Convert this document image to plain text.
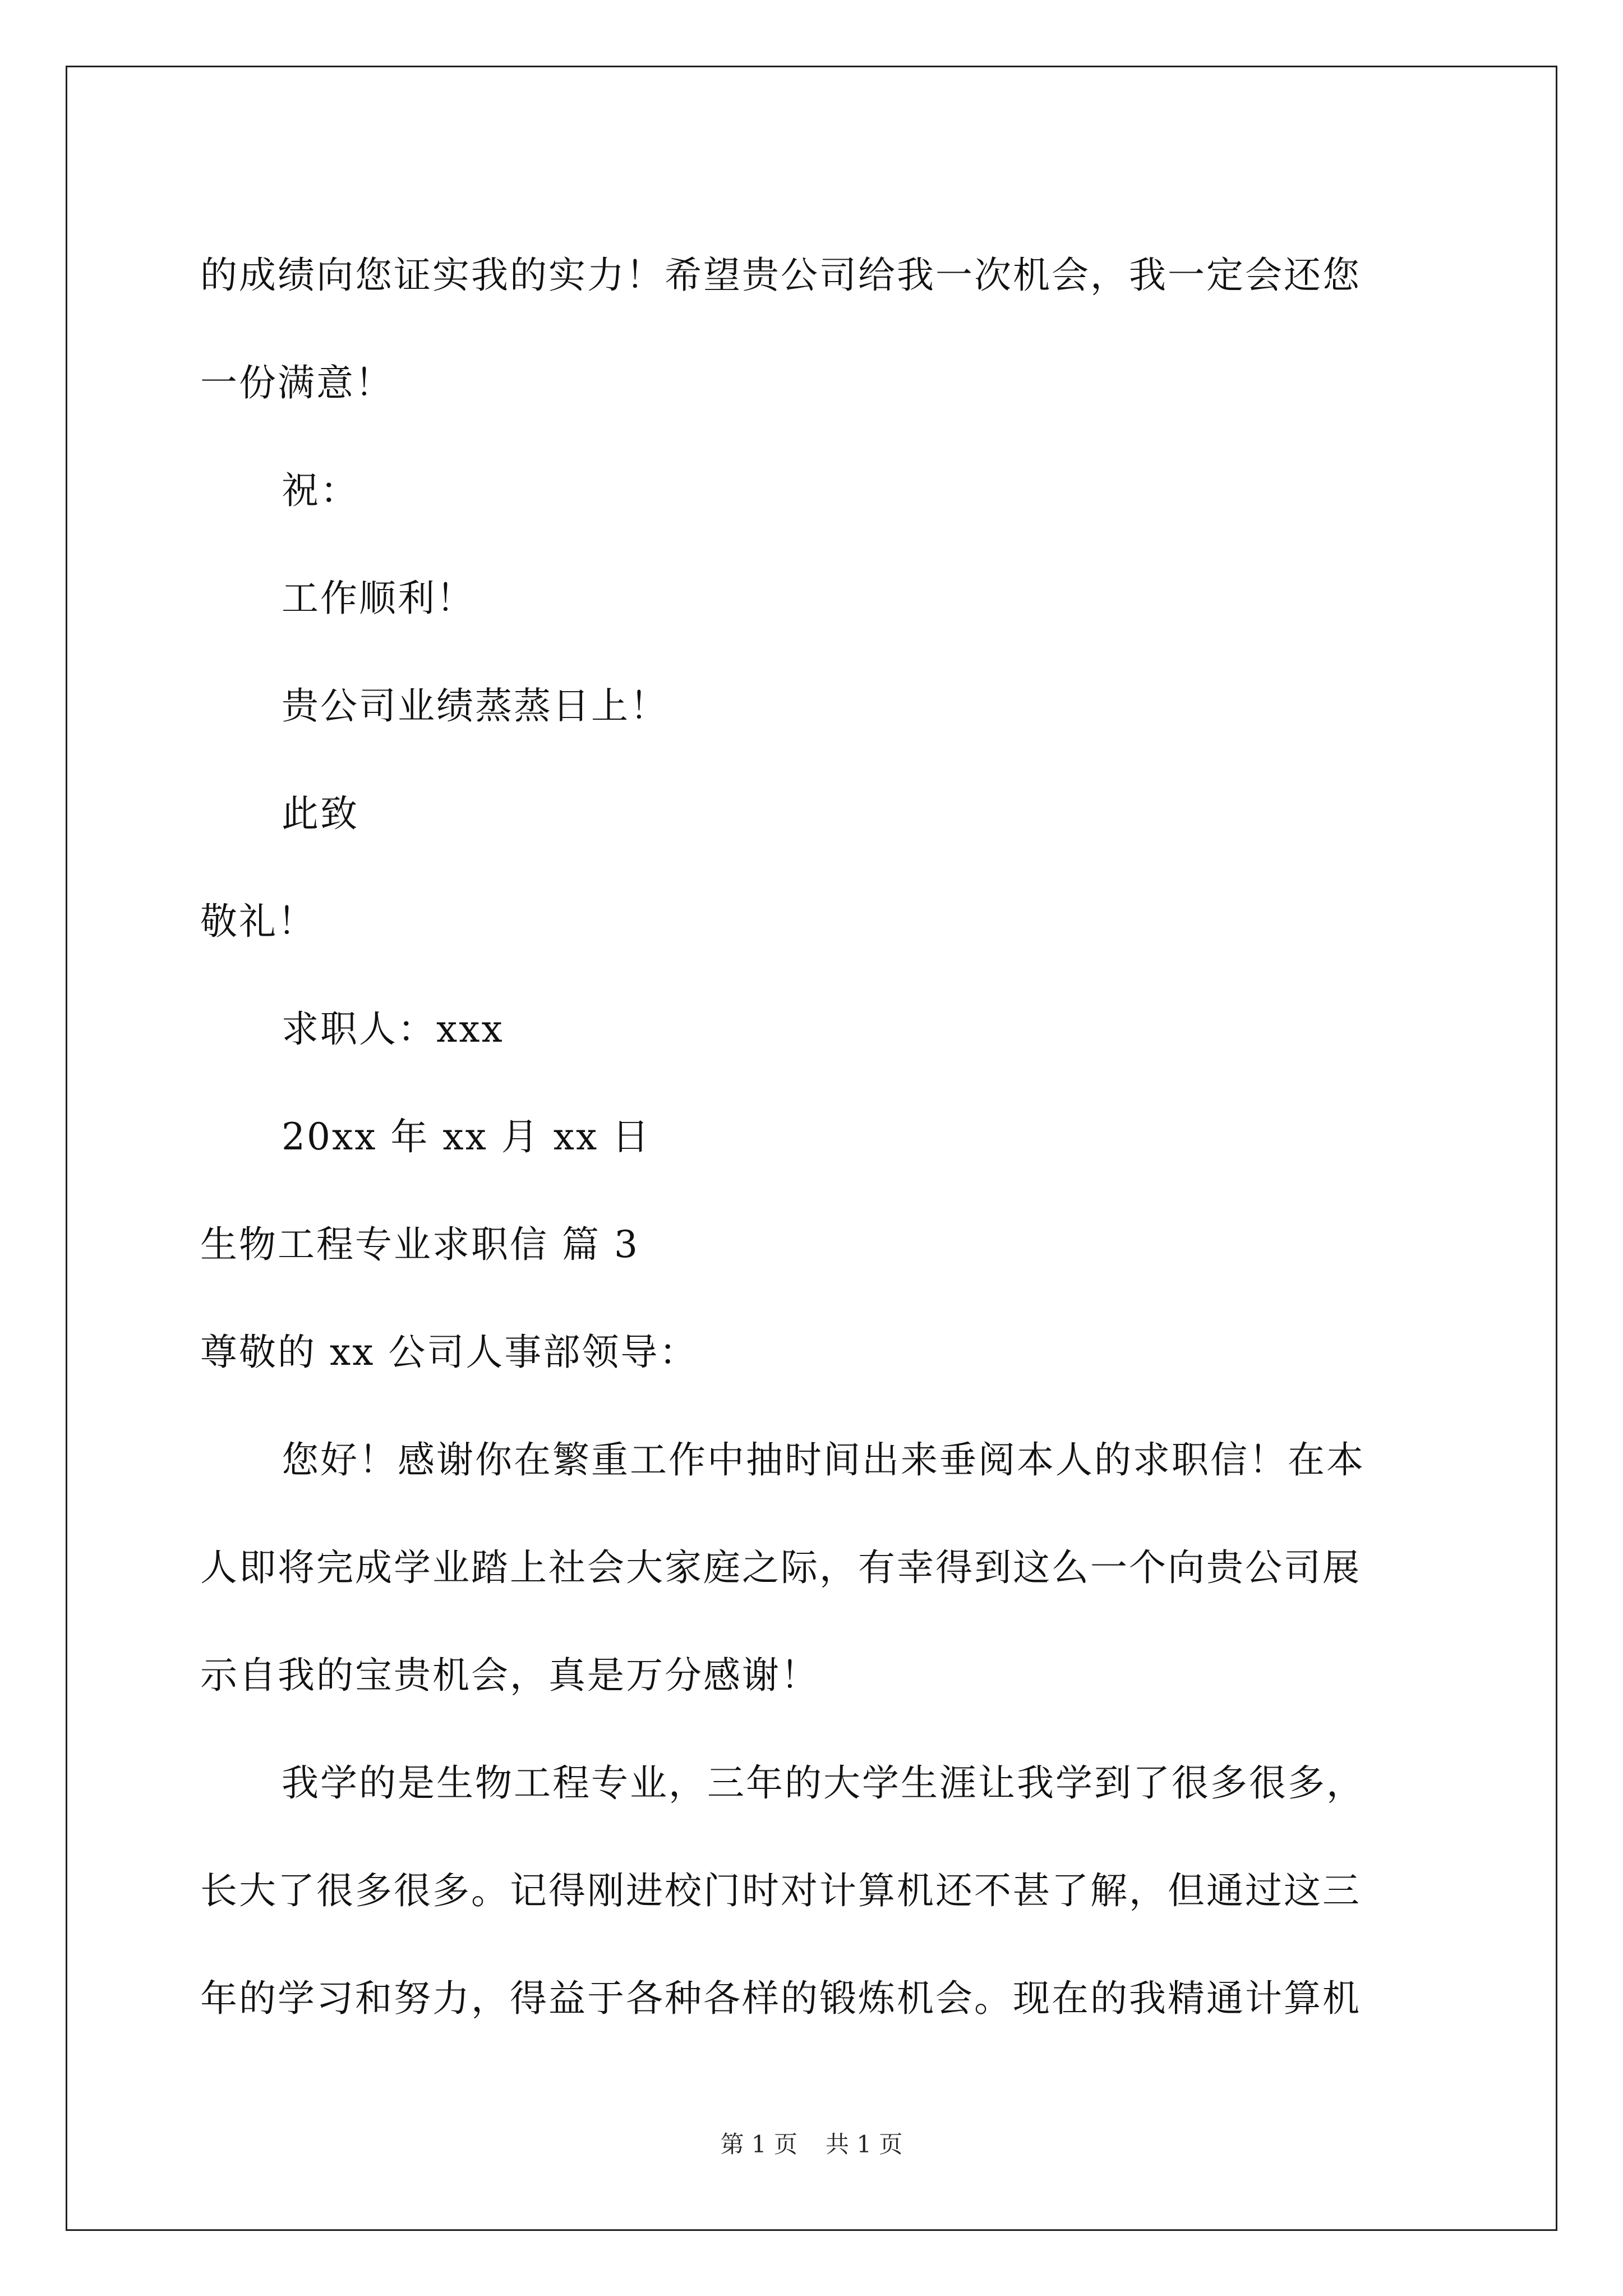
的成绩向您证实我的实力！希望贵公司给我一次机会，我一定会还您
一份满意！
祝：
工作顺利！
贵公司业绩蒸蒸日上！
此致
敬礼！
求职人：xxx
20xx 年 xx 月 xx 日
生物工程专业求职信 篇 3
尊敬的 xx 公司人事部领导：
您好！感谢你在繁重工作中抽时间出来垂阅本人的求职信！在本
人即将完成学业踏上社会大家庭之际，有幸得到这么一个向贵公司展
示自我的宝贵机会，真是万分感谢！
我学的是生物工程专业，三年的大学生涯让我学到了很多很多，
长大了很多很多。记得刚进校门时对计算机还不甚了解，但通过这三
年的学习和努力，得益于各种各样的锻炼机会。现在的我精通计算机
第 1 页 共 1 页
